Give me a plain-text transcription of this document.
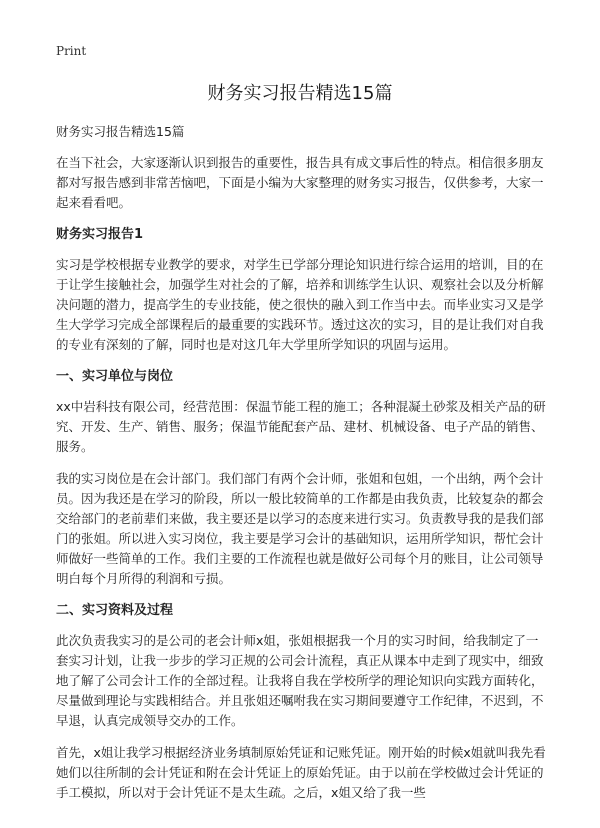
Print
财务实习报告精选15篇

财务实习报告精选15篇

在当下社会，大家逐渐认识到报告的重要性，报告具有成文事后性的特点。相信很多朋友都对写报告感到非常苦恼吧，下面是小编为大家整理的财务实习报告，仅供参考，大家一起来看看吧。

财务实习报告1

实习是学校根据专业教学的要求，对学生已学部分理论知识进行综合运用的培训，目的在于让学生接触社会，加强学生对社会的了解，培养和训练学生认识、观察社会以及分析解决问题的潜力，提高学生的专业技能，使之很快的融入到工作当中去。而毕业实习又是学生大学学习完成全部课程后的最重要的实践环节。透过这次的实习，目的是让我们对自我的专业有深刻的了解，同时也是对这几年大学里所学知识的巩固与运用。

一、实习单位与岗位

xx中岩科技有限公司，经营范围：保温节能工程的施工；各种混凝土砂浆及相关产品的研究、开发、生产、销售、服务；保温节能配套产品、建材、机械设备、电子产品的销售、服务。

我的实习岗位是在会计部门。我们部门有两个会计师，张姐和包姐，一个出纳，两个会计员。因为我还是在学习的阶段，所以一般比较简单的工作都是由我负责，比较复杂的都会交给部门的老前辈们来做，我主要还是以学习的态度来进行实习。负责教导我的是我们部门的张姐。所以进入实习岗位，我主要是学习会计的基础知识，运用所学知识，帮忙会计师做好一些简单的工作。我们主要的工作流程也就是做好公司每个月的账目，让公司领导明白每个月所得的利润和亏损。

二、实习资料及过程

此次负责我实习的是公司的老会计师x姐，张姐根据我一个月的实习时间，给我制定了一套实习计划，让我一步步的学习正规的公司会计流程，真正从课本中走到了现实中，细致地了解了公司会计工作的全部过程。让我将自我在学校所学的理论知识向实践方面转化，尽量做到理论与实践相结合。并且张姐还嘱咐我在实习期间要遵守工作纪律，不迟到，不早退，认真完成领导交办的工作。

首先，x姐让我学习根据经济业务填制原始凭证和记账凭证。刚开始的时候x姐就叫我先看她们以往所制的会计凭证和附在会计凭证上的原始凭证。由于以前在学校做过会计凭证的手工模拟，所以对于会计凭证不是太生疏。之后，x姐又给了我一些
